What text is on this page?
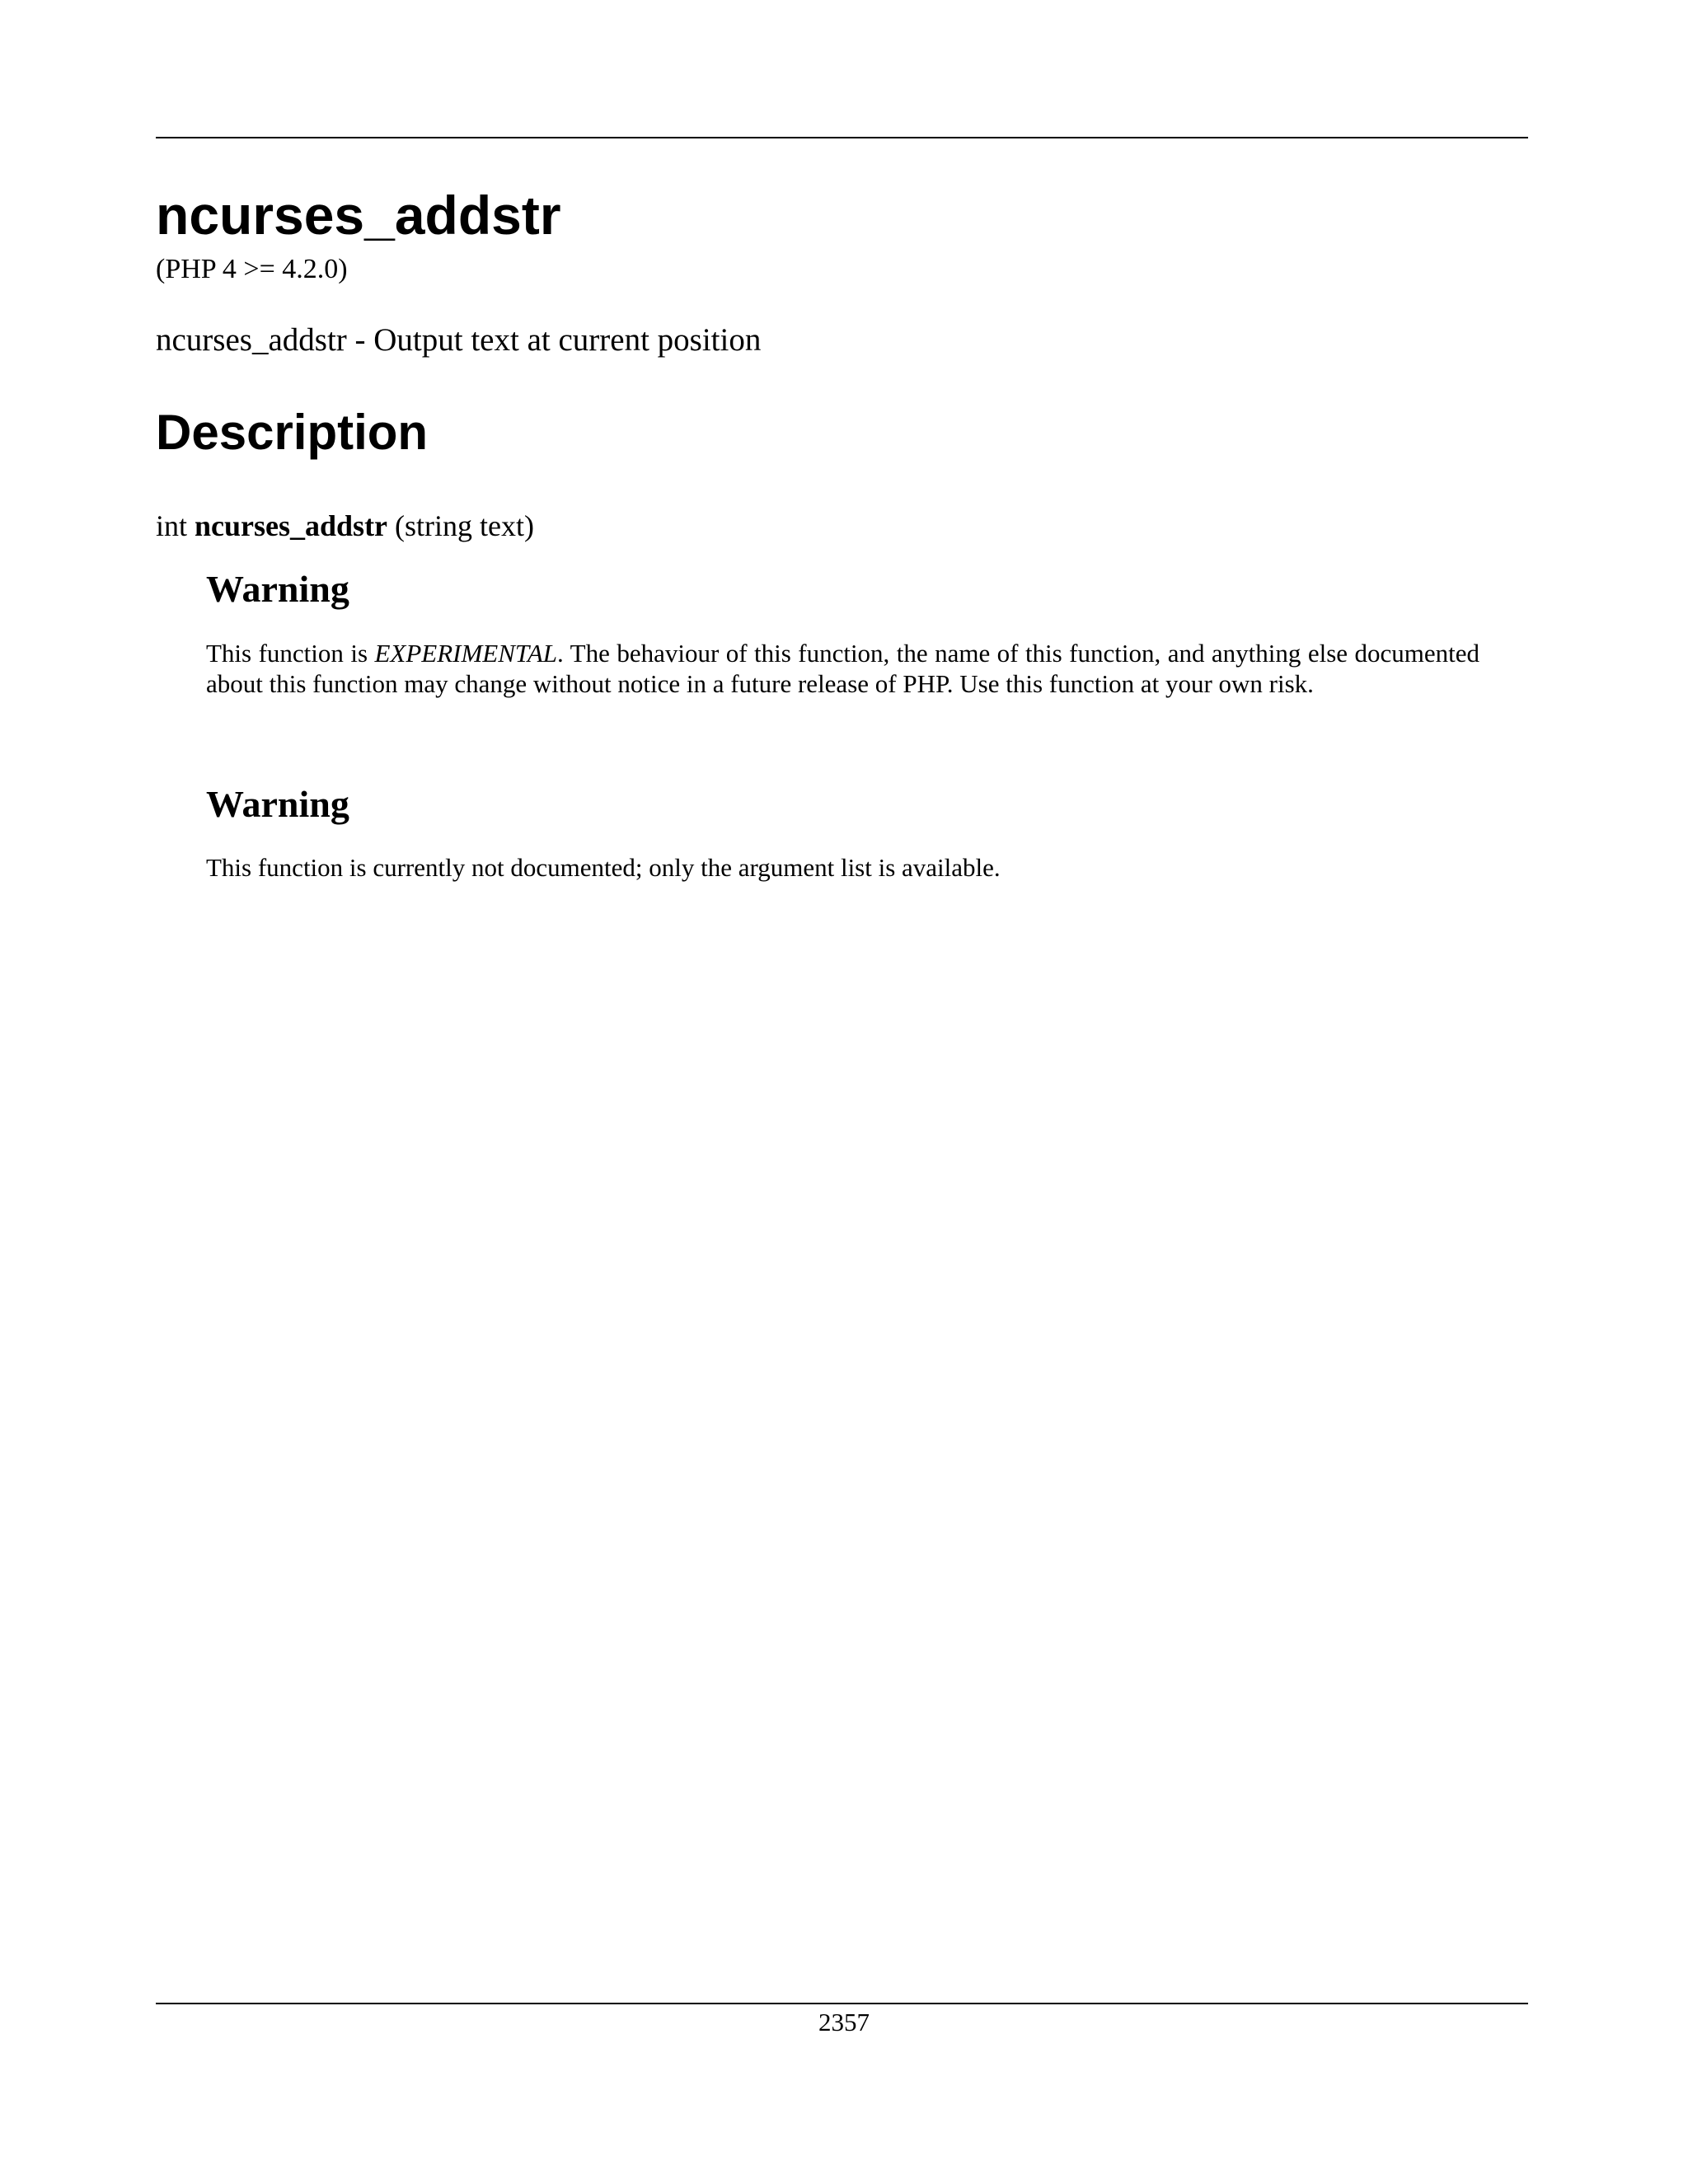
ncurses_addstr
(PHP 4 >= 4.2.0)
ncurses_addstr - Output text at current position
Description
int ncurses_addstr (string text)
Warning

This function is EXPERIMENTAL. The behaviour of this function, the name of this function, and anything else documented about this function may change without notice in a future release of PHP. Use this function at your own risk.

Warning

This function is currently not documented; only the argument list is available.

2357
